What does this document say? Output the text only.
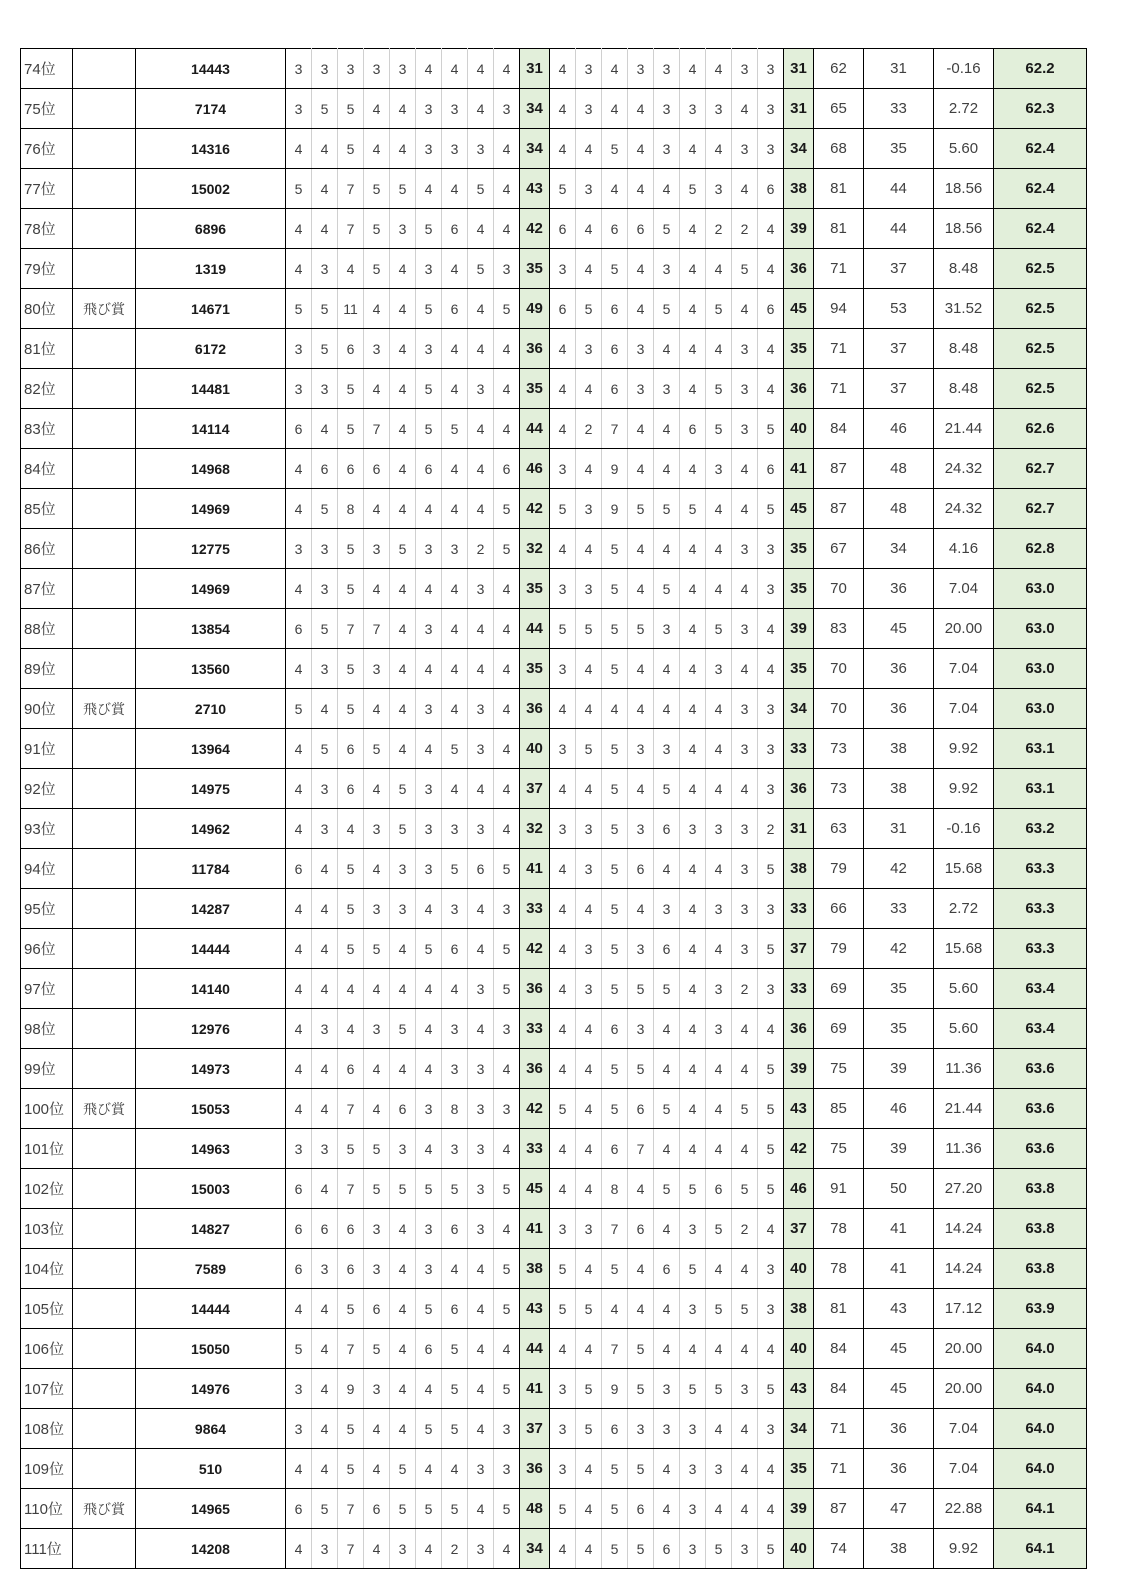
74位		14443	3	3	3	3	3	4	4	4	4	31	4	3	4	3	3	4	4	3	3	31	62	31	-0.16	62.2
75位		7174	3	5	5	4	4	3	3	4	3	34	4	3	4	4	3	3	3	4	3	31	65	33	2.72	62.3
76位		14316	4	4	5	4	4	3	3	3	4	34	4	4	5	4	3	4	4	3	3	34	68	35	5.60	62.4
77位		15002	5	4	7	5	5	4	4	5	4	43	5	3	4	4	4	5	3	4	6	38	81	44	18.56	62.4
78位		6896	4	4	7	5	3	5	6	4	4	42	6	4	6	6	5	4	2	2	4	39	81	44	18.56	62.4
79位		1319	4	3	4	5	4	3	4	5	3	35	3	4	5	4	3	4	4	5	4	36	71	37	8.48	62.5
80位	飛び賞	14671	5	5	11	4	4	5	6	4	5	49	6	5	6	4	5	4	5	4	6	45	94	53	31.52	62.5
81位		6172	3	5	6	3	4	3	4	4	4	36	4	3	6	3	4	4	4	3	4	35	71	37	8.48	62.5
82位		14481	3	3	5	4	4	5	4	3	4	35	4	4	6	3	3	4	5	3	4	36	71	37	8.48	62.5
83位		14114	6	4	5	7	4	5	5	4	4	44	4	2	7	4	4	6	5	3	5	40	84	46	21.44	62.6
84位		14968	4	6	6	6	4	6	4	4	6	46	3	4	9	4	4	4	3	4	6	41	87	48	24.32	62.7
85位		14969	4	5	8	4	4	4	4	4	5	42	5	3	9	5	5	5	4	4	5	45	87	48	24.32	62.7
86位		12775	3	3	5	3	5	3	3	2	5	32	4	4	5	4	4	4	4	3	3	35	67	34	4.16	62.8
87位		14969	4	3	5	4	4	4	4	3	4	35	3	3	5	4	5	4	4	4	3	35	70	36	7.04	63.0
88位		13854	6	5	7	7	4	3	4	4	4	44	5	5	5	5	3	4	5	3	4	39	83	45	20.00	63.0
89位		13560	4	3	5	3	4	4	4	4	4	35	3	4	5	4	4	4	3	4	4	35	70	36	7.04	63.0
90位	飛び賞	2710	5	4	5	4	4	3	4	3	4	36	4	4	4	4	4	4	4	3	3	34	70	36	7.04	63.0
91位		13964	4	5	6	5	4	4	5	3	4	40	3	5	5	3	3	4	4	3	3	33	73	38	9.92	63.1
92位		14975	4	3	6	4	5	3	4	4	4	37	4	4	5	4	5	4	4	4	3	36	73	38	9.92	63.1
93位		14962	4	3	4	3	5	3	3	3	4	32	3	3	5	3	6	3	3	3	2	31	63	31	-0.16	63.2
94位		11784	6	4	5	4	3	3	5	6	5	41	4	3	5	6	4	4	4	3	5	38	79	42	15.68	63.3
95位		14287	4	4	5	3	3	4	3	4	3	33	4	4	5	4	3	4	3	3	3	33	66	33	2.72	63.3
96位		14444	4	4	5	5	4	5	6	4	5	42	4	3	5	3	6	4	4	3	5	37	79	42	15.68	63.3
97位		14140	4	4	4	4	4	4	4	3	5	36	4	3	5	5	5	4	3	2	3	33	69	35	5.60	63.4
98位		12976	4	3	4	3	5	4	3	4	3	33	4	4	6	3	4	4	3	4	4	36	69	35	5.60	63.4
99位		14973	4	4	6	4	4	4	3	3	4	36	4	4	5	5	4	4	4	4	5	39	75	39	11.36	63.6
100位	飛び賞	15053	4	4	7	4	6	3	8	3	3	42	5	4	5	6	5	4	4	5	5	43	85	46	21.44	63.6
101位		14963	3	3	5	5	3	4	3	3	4	33	4	4	6	7	4	4	4	4	5	42	75	39	11.36	63.6
102位		15003	6	4	7	5	5	5	5	3	5	45	4	4	8	4	5	5	6	5	5	46	91	50	27.20	63.8
103位		14827	6	6	6	3	4	3	6	3	4	41	3	3	7	6	4	3	5	2	4	37	78	41	14.24	63.8
104位		7589	6	3	6	3	4	3	4	4	5	38	5	4	5	4	6	5	4	4	3	40	78	41	14.24	63.8
105位		14444	4	4	5	6	4	5	6	4	5	43	5	5	4	4	4	3	5	5	3	38	81	43	17.12	63.9
106位		15050	5	4	7	5	4	6	5	4	4	44	4	4	7	5	4	4	4	4	4	40	84	45	20.00	64.0
107位		14976	3	4	9	3	4	4	5	4	5	41	3	5	9	5	3	5	5	3	5	43	84	45	20.00	64.0
108位		9864	3	4	5	4	4	5	5	4	3	37	3	5	6	3	3	3	4	4	3	34	71	36	7.04	64.0
109位		510	4	4	5	4	5	4	4	3	3	36	3	4	5	5	4	3	3	4	4	35	71	36	7.04	64.0
110位	飛び賞	14965	6	5	7	6	5	5	5	4	5	48	5	4	5	6	4	3	4	4	4	39	87	47	22.88	64.1
111位		14208	4	3	7	4	3	4	2	3	4	34	4	4	5	5	6	3	5	3	5	40	74	38	9.92	64.1
